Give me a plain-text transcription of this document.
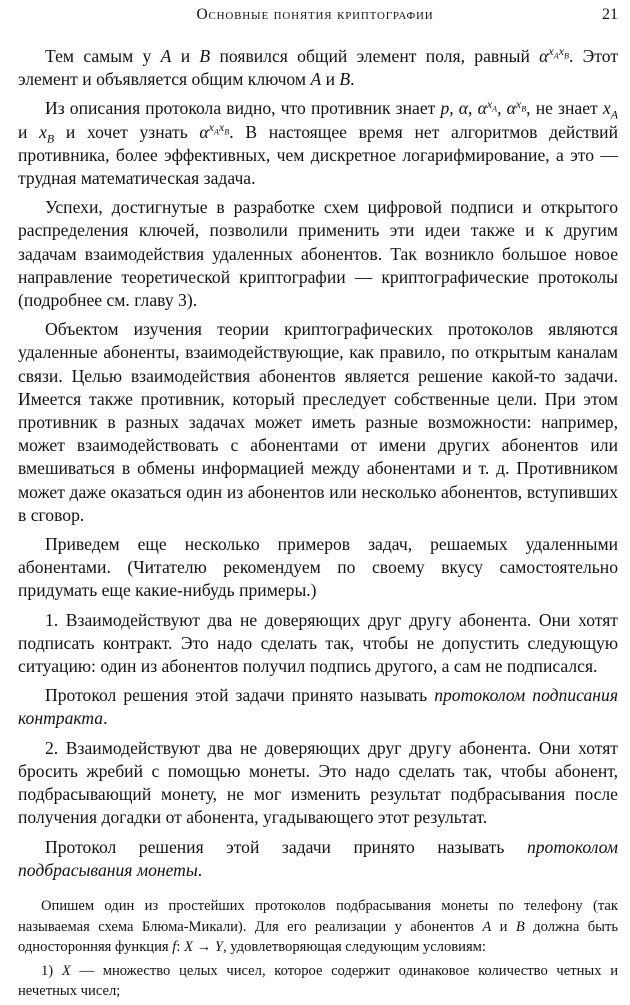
Основные понятия криптографии	21

Тем самым у A и B появился общий элемент поля, равный $\alpha^{x_Ax_B}$. Этот элемент и объявляется общим ключом A и B.

Из описания протокола видно, что противник знает p, α, $\alpha^{x_A}$, $\alpha^{x_B}$, не знает $x_A$ и $x_B$ и хочет узнать $\alpha^{x_Ax_B}$. В настоящее время нет алгоритмов действий противника, более эффективных, чем дискретное логарифмирование, а это — трудная математическая задача.

Успехи, достигнутые в разработке схем цифровой подписи и открытого распределения ключей, позволили применить эти идеи также и к другим задачам взаимодействия удаленных абонентов. Так возникло большое новое направление теоретической криптографии — криптографические протоколы (подробнее см. главу 3).

Объектом изучения теории криптографических протоколов являются удаленные абоненты, взаимодействующие, как правило, по открытым каналам связи. Целью взаимодействия абонентов является решение какой-то задачи. Имеется также противник, который преследует собственные цели. При этом противник в разных задачах может иметь разные возможности: например, может взаимодействовать с абонентами от имени других абонентов или вмешиваться в обмены информацией между абонентами и т. д. Противником может даже оказаться один из абонентов или несколько абонентов, вступивших в сговор.

Приведем еще несколько примеров задач, решаемых удаленными абонентами. (Читателю рекомендуем по своему вкусу самостоятельно придумать еще какие-нибудь примеры.)

1. Взаимодействуют два не доверяющих друг другу абонента. Они хотят подписать контракт. Это надо сделать так, чтобы не допустить следующую ситуацию: один из абонентов получил подпись другого, а сам не подписался.

Протокол решения этой задачи принято называть протоколом подписания контракта.

2. Взаимодействуют два не доверяющих друг другу абонента. Они хотят бросить жребий с помощью монеты. Это надо сделать так, чтобы абонент, подбрасывающий монету, не мог изменить результат подбрасывания после получения догадки от абонента, угадывающего этот результат.

Протокол решения этой задачи принято называть протоколом подбрасывания монеты.

Опишем один из простейших протоколов подбрасывания монеты по телефону (так называемая схема Блюма-Микали). Для его реализации у абонентов A и B должна быть односторонняя функция f: X → Y, удовлетворяющая следующим условиям:

1) X — множество целых чисел, которое содержит одинаковое количество четных и нечетных чисел;
